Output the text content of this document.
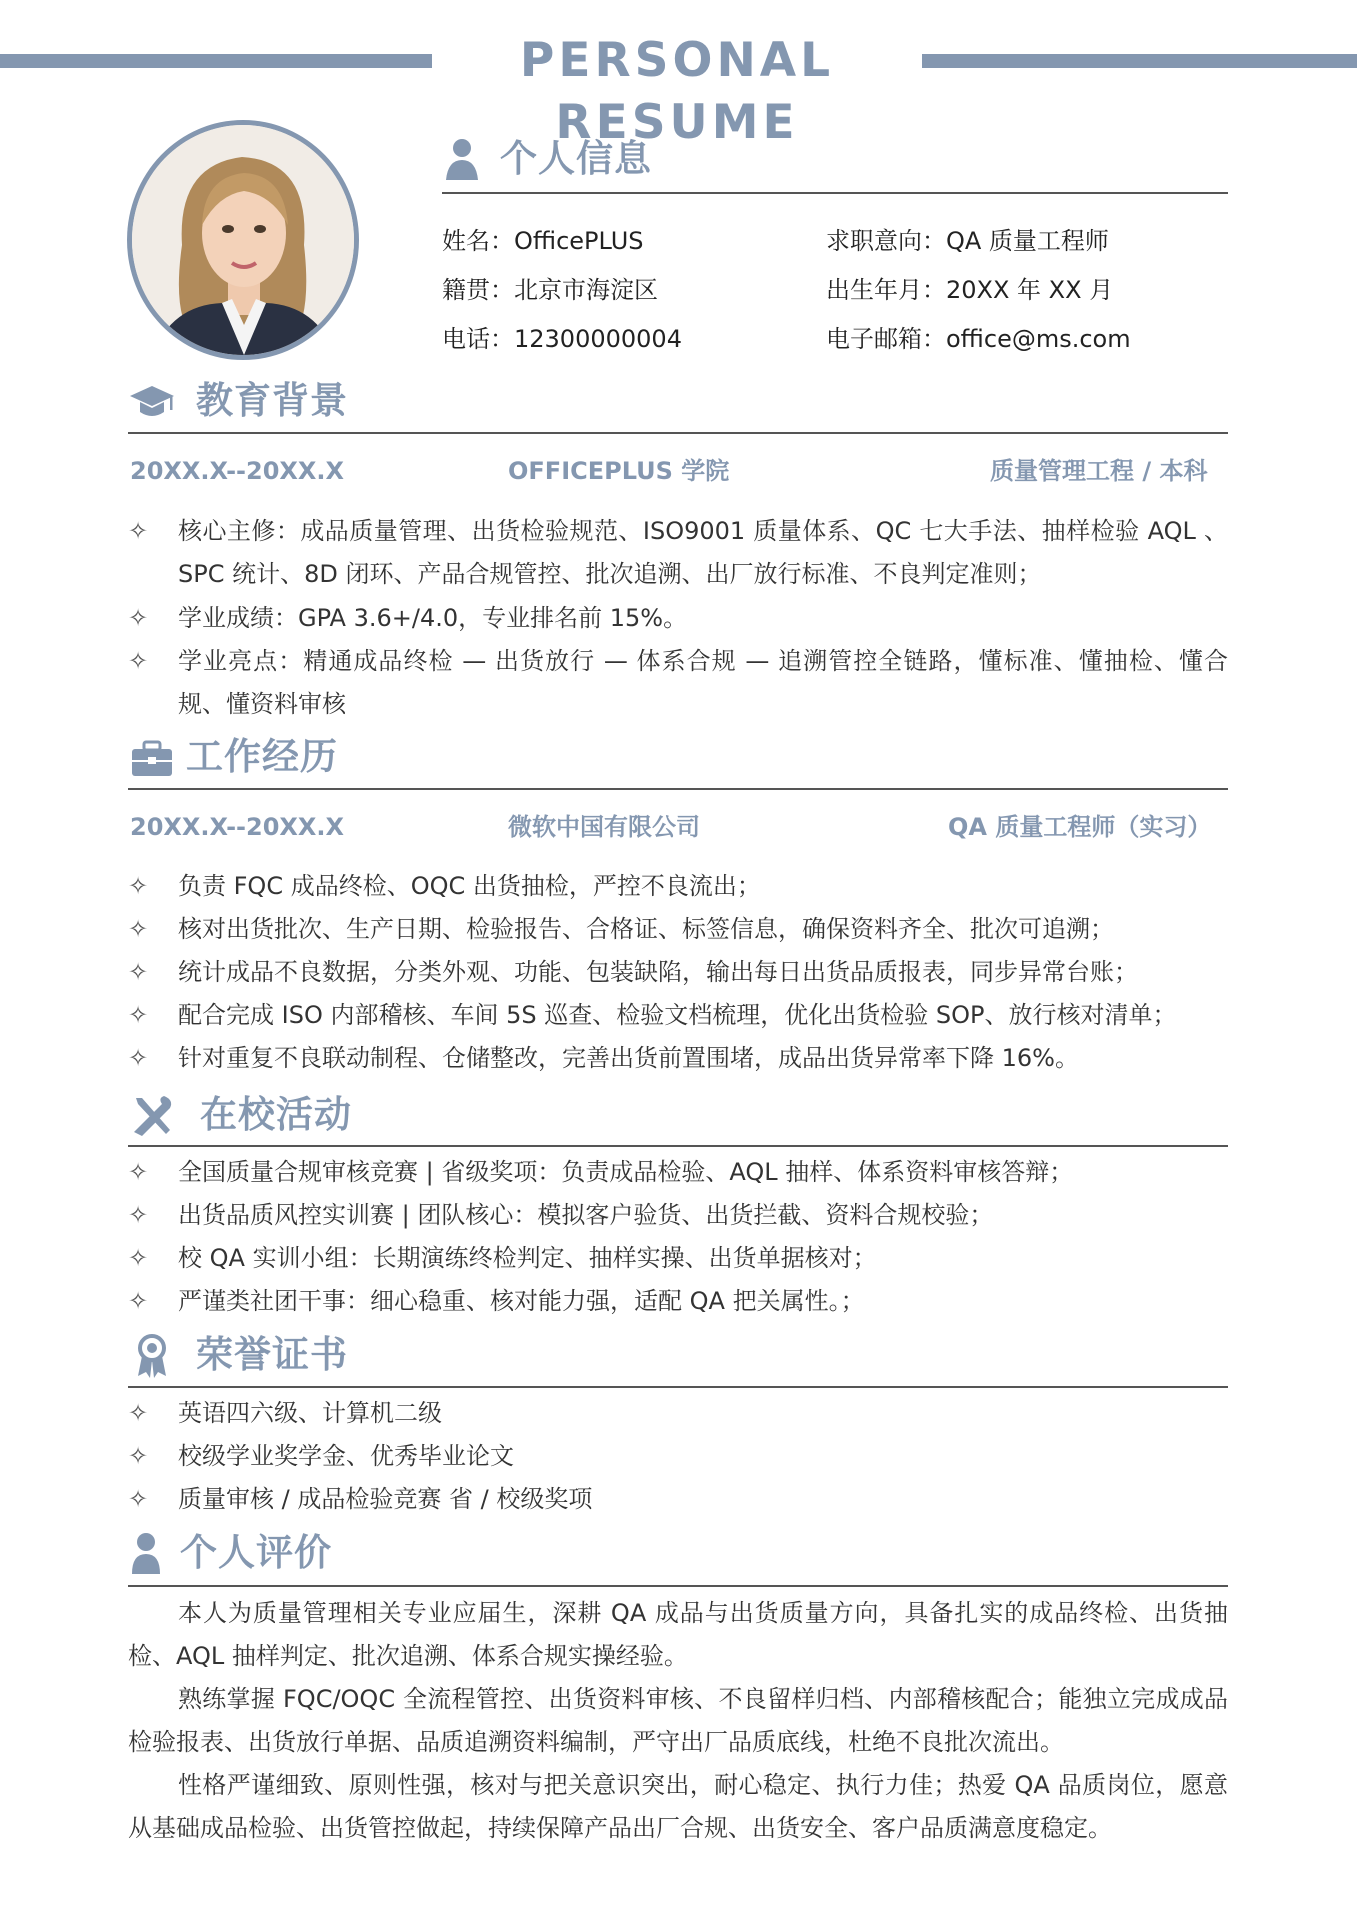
PERSONAL RESUME
个人信息
姓名：OfficePLUS	求职意向：QA 质量工程师
籍贯：北京市海淀区	出生年月：20XX 年 XX 月
电话：12300000004	电子邮箱：office@ms.com
教育背景
20XX.X--20XX.X	OFFICEPLUS 学院	质量管理工程 / 本科
✧	核心主修：成品质量管理、出货检验规范、ISO9001 质量体系、QC 七大手法、抽样检验 AQL 、SPC 统计、8D 闭环、产品合规管控、批次追溯、出厂放行标准、不良判定准则；
✧	学业成绩：GPA 3.6+/4.0，专业排名前 15%。
✧	学业亮点：精通成品终检 — 出货放行 — 体系合规 — 追溯管控全链路，懂标准、懂抽检、懂合规、懂资料审核
工作经历
20XX.X--20XX.X	微软中国有限公司	QA 质量工程师（实习）
✧	负责 FQC 成品终检、OQC 出货抽检，严控不良流出；
✧	核对出货批次、生产日期、检验报告、合格证、标签信息，确保资料齐全、批次可追溯；
✧	统计成品不良数据，分类外观、功能、包装缺陷，输出每日出货品质报表，同步异常台账；
✧	配合完成 ISO 内部稽核、车间 5S 巡查、检验文档梳理，优化出货检验 SOP、放行核对清单；
✧	针对重复不良联动制程、仓储整改，完善出货前置围堵，成品出货异常率下降 16%。
在校活动
✧	全国质量合规审核竞赛 | 省级奖项：负责成品检验、AQL 抽样、体系资料审核答辩；
✧	出货品质风控实训赛 | 团队核心：模拟客户验货、出货拦截、资料合规校验；
✧	校 QA 实训小组：长期演练终检判定、抽样实操、出货单据核对；
✧	严谨类社团干事：细心稳重、核对能力强，适配 QA 把关属性。；
荣誉证书
✧	英语四六级、计算机二级
✧	校级学业奖学金、优秀毕业论文
✧	质量审核 / 成品检验竞赛 省 / 校级奖项
个人评价
本人为质量管理相关专业应届生，深耕 QA 成品与出货质量方向，具备扎实的成品终检、出货抽检、AQL 抽样判定、批次追溯、体系合规实操经验。
熟练掌握 FQC/OQC 全流程管控、出货资料审核、不良留样归档、内部稽核配合；能独立完成成品检验报表、出货放行单据、品质追溯资料编制，严守出厂品质底线，杜绝不良批次流出。
性格严谨细致、原则性强，核对与把关意识突出，耐心稳定、执行力佳；热爱 QA 品质岗位，愿意从基础成品检验、出货管控做起，持续保障产品出厂合规、出货安全、客户品质满意度稳定。
